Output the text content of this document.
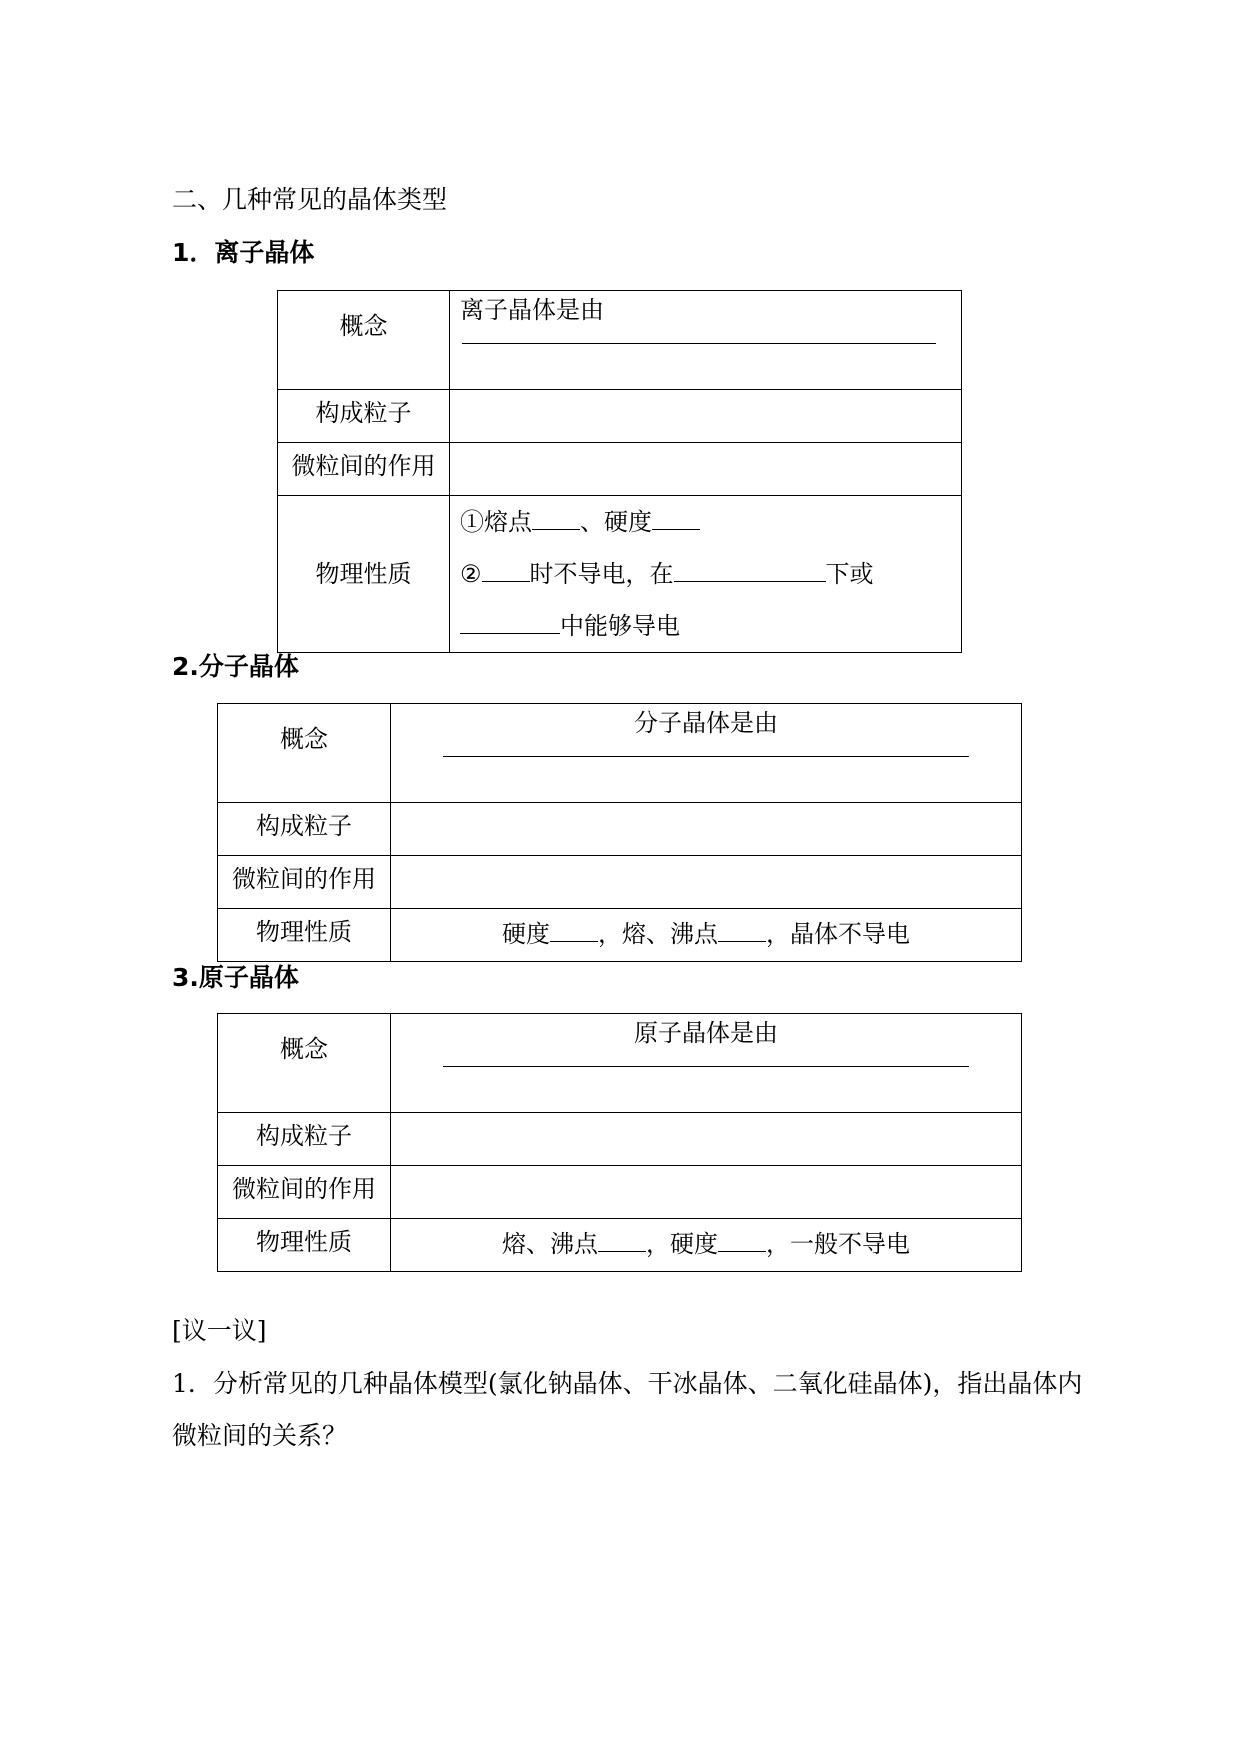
二、几种常见的晶体类型
1．离子晶体
概念	离子晶体是由

构成粒子	
微粒间的作用	
物理性质	①熔点 、硬度
② 时不导电，在 下或
中能够导电
2.分子晶体
概念	分子晶体是由

构成粒子	
微粒间的作用	
物理性质	硬度 ，熔、沸点 ，晶体不导电
3.原子晶体
概念	原子晶体是由

构成粒子	
微粒间的作用	
物理性质	熔、沸点 ，硬度 ，一般不导电
[议一议]
1．分析常见的几种晶体模型(氯化钠晶体、干冰晶体、二氧化硅晶体)，指出晶体内微粒间的关系？
